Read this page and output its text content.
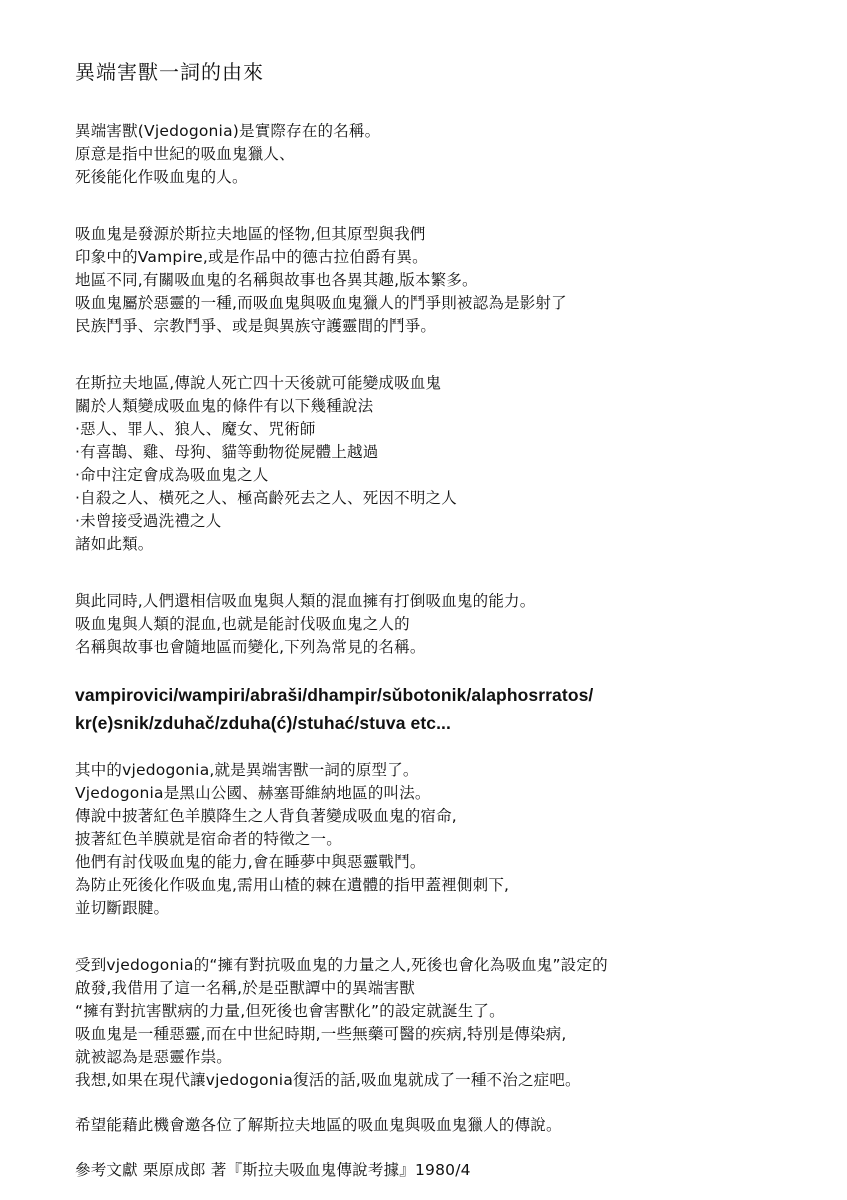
異端害獸一詞的由來
異端害獸(Vjedogonia)是實際存在的名稱。
原意是指中世紀的吸血鬼獵人、
死後能化作吸血鬼的人。
吸血鬼是發源於斯拉夫地區的怪物,但其原型與我們
印象中的Vampire,或是作品中的德古拉伯爵有異。
地區不同,有關吸血鬼的名稱與故事也各異其趣,版本繁多。
吸血鬼屬於惡靈的一種,而吸血鬼與吸血鬼獵人的鬥爭則被認為是影射了
民族鬥爭、宗教鬥爭、或是與異族守護靈間的鬥爭。
在斯拉夫地區,傳說人死亡四十天後就可能變成吸血鬼
關於人類變成吸血鬼的條件有以下幾種說法
·惡人、罪人、狼人、魔女、咒術師
·有喜鵲、雞、母狗、貓等動物從屍體上越過
·命中注定會成為吸血鬼之人
·自殺之人、橫死之人、極高齡死去之人、死因不明之人
·未曾接受過洗禮之人
諸如此類。
與此同時,人們還相信吸血鬼與人類的混血擁有打倒吸血鬼的能力。
吸血鬼與人類的混血,也就是能討伐吸血鬼之人的
名稱與故事也會隨地區而變化,下列為常見的名稱。
vampirovici/wampiri/abraši/dhampir/sǔbotonik/alaphosrratos/
kr(e)snik/zduhač/zduha(ć)/stuhać/stuva etc...
其中的vjedogonia,就是異端害獸一詞的原型了。
Vjedogonia是黑山公國、赫塞哥維納地區的叫法。
傳說中披著紅色羊膜降生之人背負著變成吸血鬼的宿命,
披著紅色羊膜就是宿命者的特徵之一。
他們有討伐吸血鬼的能力,會在睡夢中與惡靈戰鬥。
為防止死後化作吸血鬼,需用山楂的棘在遺體的指甲蓋裡側刺下,
並切斷跟腱。
受到vjedogonia的“擁有對抗吸血鬼的力量之人,死後也會化為吸血鬼”設定的
啟發,我借用了這一名稱,於是亞獸譚中的異端害獸
“擁有對抗害獸病的力量,但死後也會害獸化”的設定就誕生了。
吸血鬼是一種惡靈,而在中世紀時期,一些無藥可醫的疾病,特別是傳染病,
就被認為是惡靈作祟。
我想,如果在現代讓vjedogonia復活的話,吸血鬼就成了一種不治之症吧。
希望能藉此機會邀各位了解斯拉夫地區的吸血鬼與吸血鬼獵人的傳說。
參考文獻 栗原成郎 著『斯拉夫吸血鬼傳說考據』1980/4
